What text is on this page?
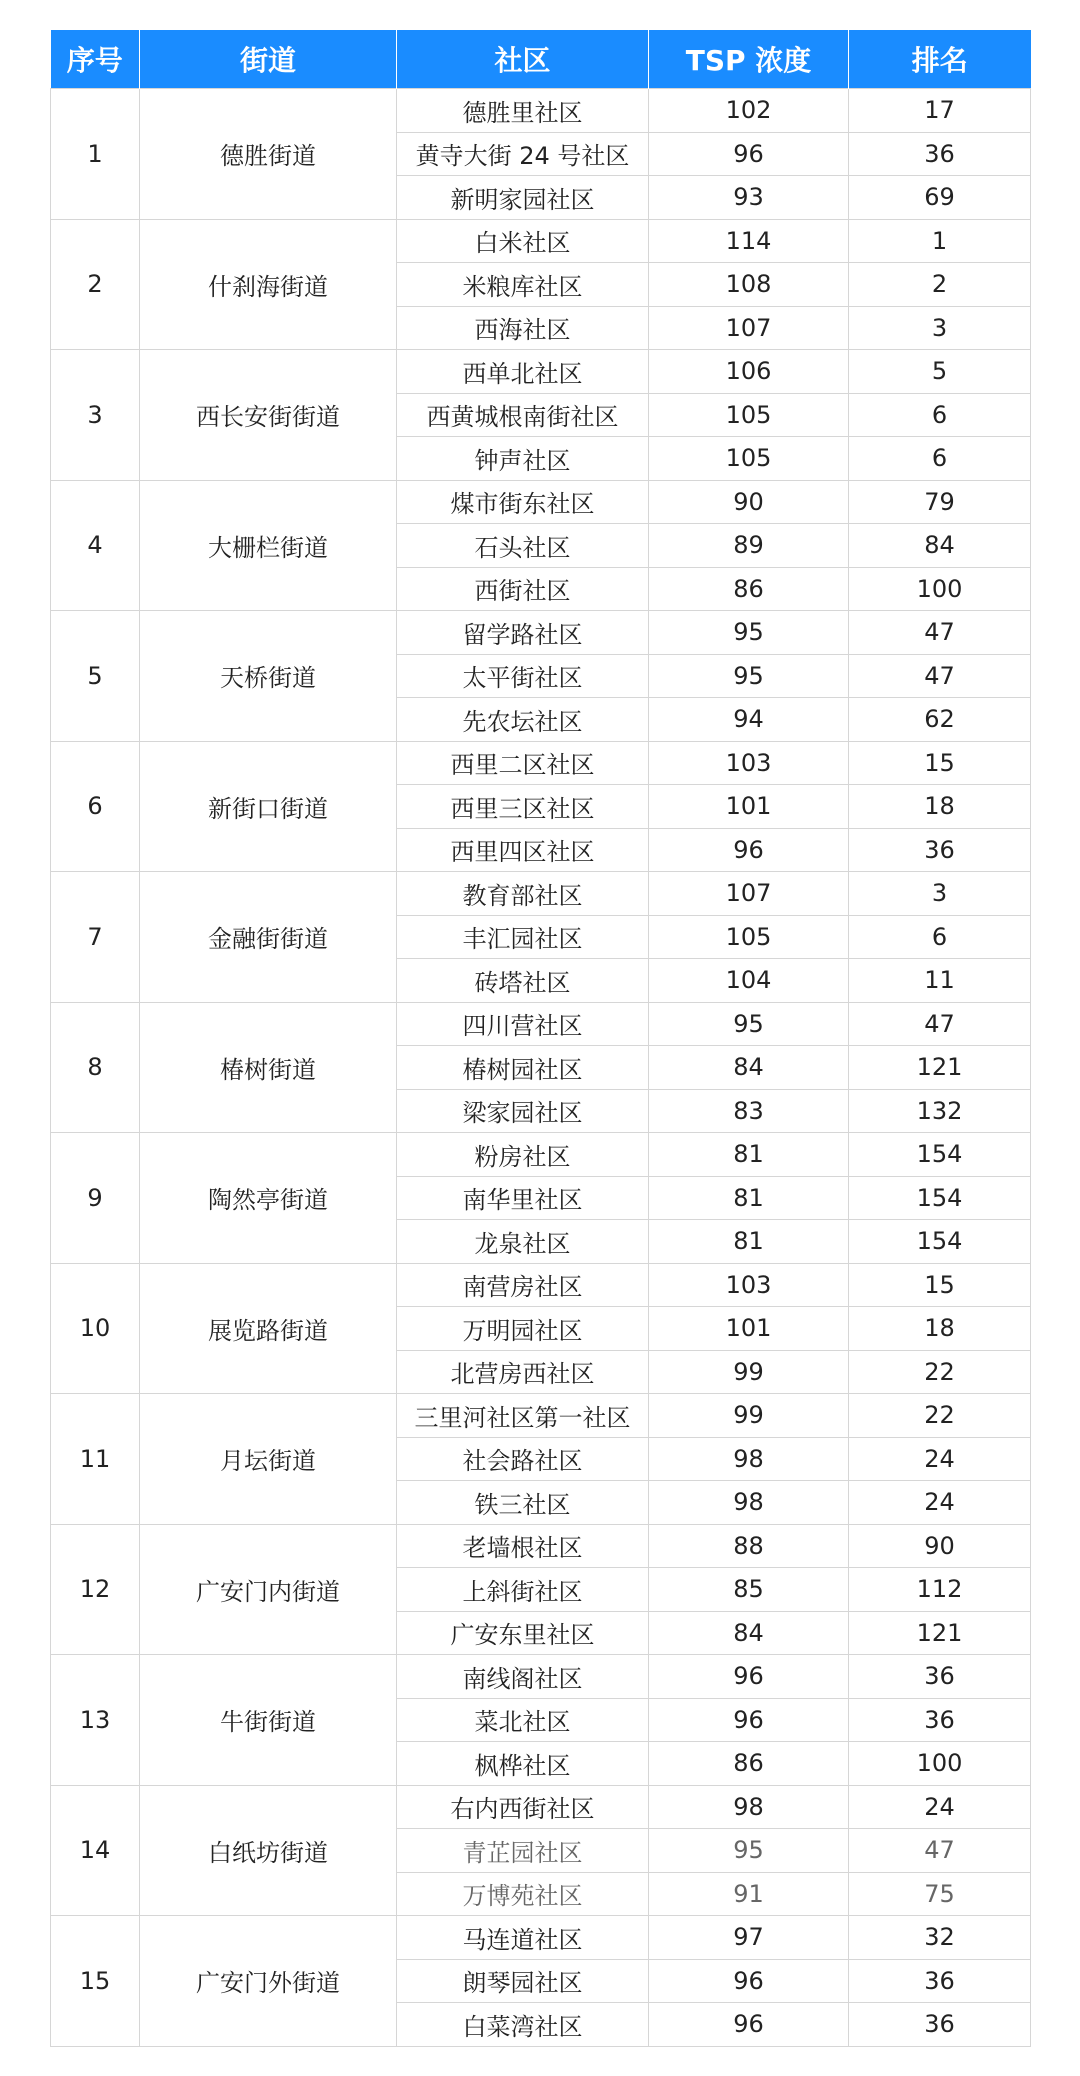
序号	街道	社区	TSP 浓度	排名
1	德胜街道	德胜里社区	102	17
		黄寺大街 24 号社区	96	36
		新明家园社区	93	69
2	什刹海街道	白米社区	114	1
		米粮库社区	108	2
		西海社区	107	3
3	西长安街街道	西单北社区	106	5
		西黄城根南街社区	105	6
		钟声社区	105	6
4	大栅栏街道	煤市街东社区	90	79
		石头社区	89	84
		西街社区	86	100
5	天桥街道	留学路社区	95	47
		太平街社区	95	47
		先农坛社区	94	62
6	新街口街道	西里二区社区	103	15
		西里三区社区	101	18
		西里四区社区	96	36
7	金融街街道	教育部社区	107	3
		丰汇园社区	105	6
		砖塔社区	104	11
8	椿树街道	四川营社区	95	47
		椿树园社区	84	121
		梁家园社区	83	132
9	陶然亭街道	粉房社区	81	154
		南华里社区	81	154
		龙泉社区	81	154
10	展览路街道	南营房社区	103	15
		万明园社区	101	18
		北营房西社区	99	22
11	月坛街道	三里河社区第一社区	99	22
		社会路社区	98	24
		铁三社区	98	24
12	广安门内街道	老墙根社区	88	90
		上斜街社区	85	112
		广安东里社区	84	121
13	牛街街道	南线阁社区	96	36
		菜北社区	96	36
		枫桦社区	86	100
14	白纸坊街道	右内西街社区	98	24
		青芷园社区	95	47
		万博苑社区	91	75
15	广安门外街道	马连道社区	97	32
		朗琴园社区	96	36
		白菜湾社区	96	36
